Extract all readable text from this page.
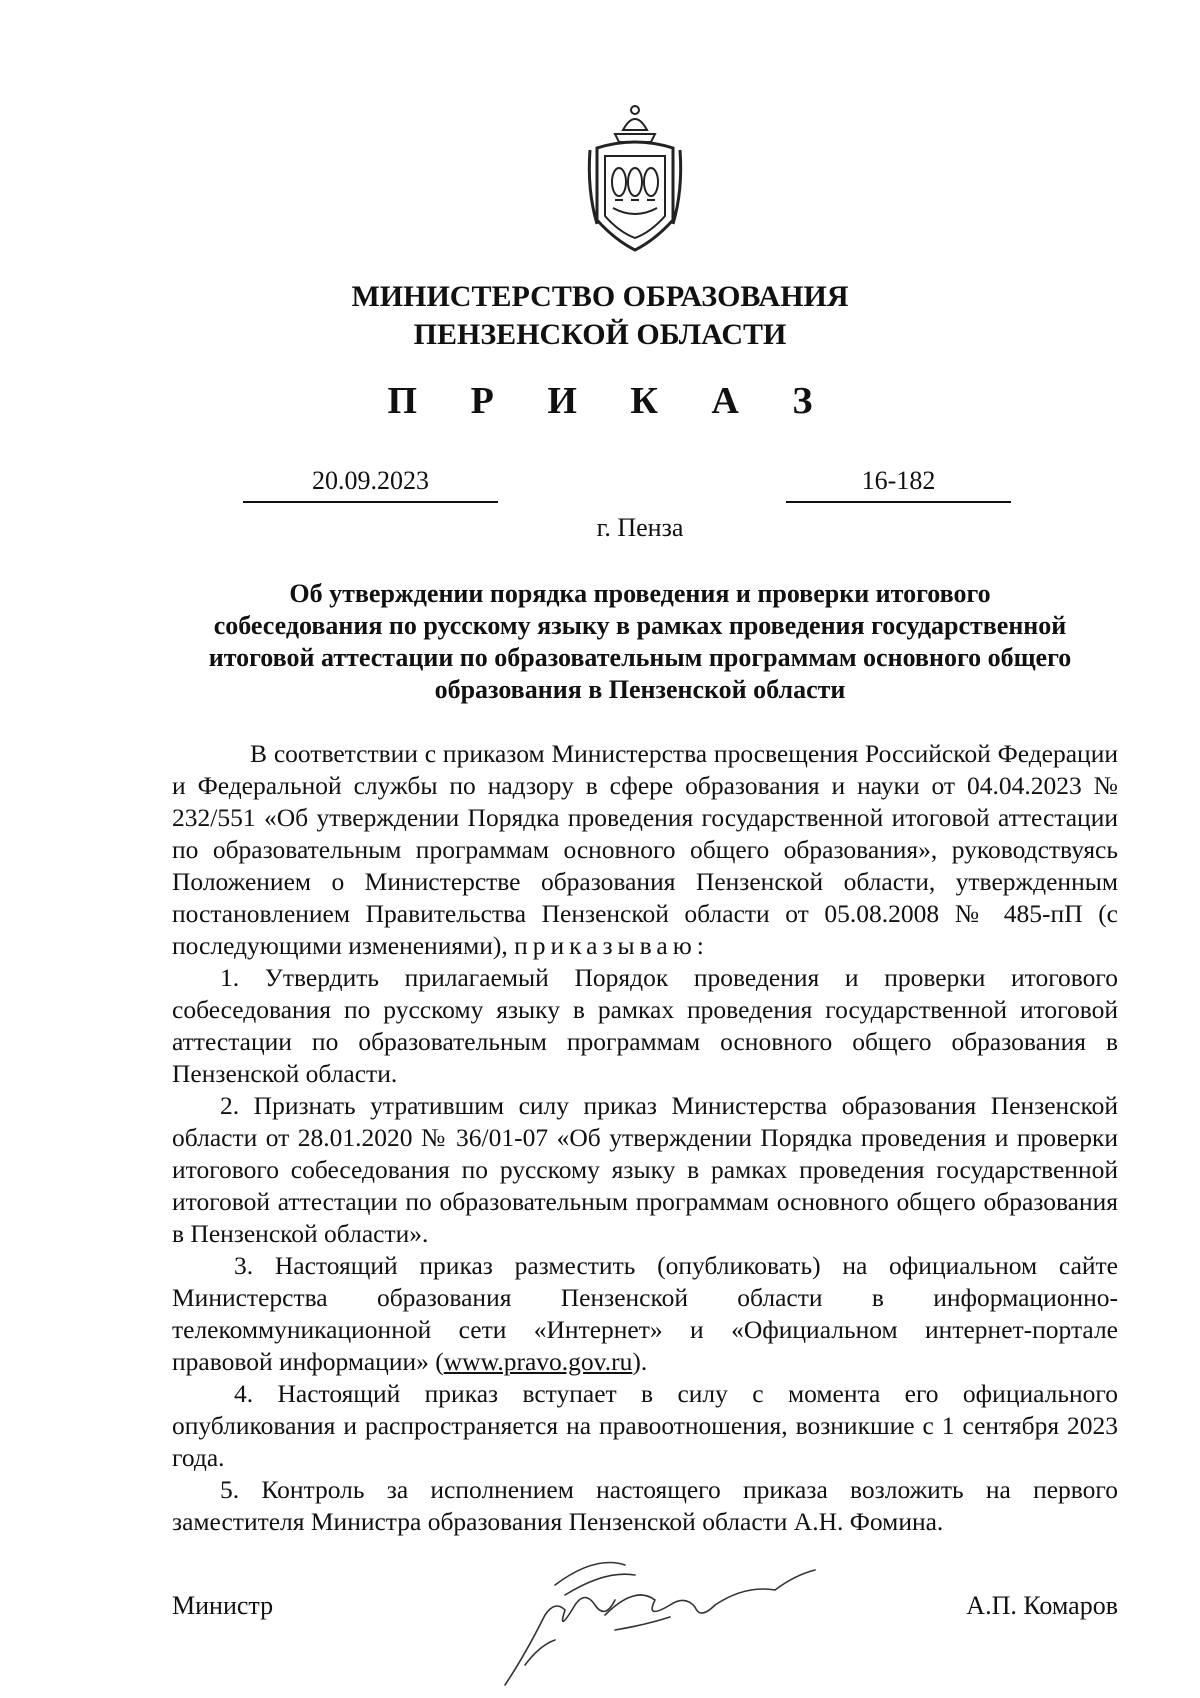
МИНИСТЕРСТВО ОБРАЗОВАНИЯ
ПЕНЗЕНСКОЙ ОБЛАСТИ
П Р И К А З
20.09.2023	16-182
г. Пенза
Об утверждении порядка проведения и проверки итогового
собеседования по русскому языку в рамках проведения государственной
итоговой аттестации по образовательным программам основного общего
образования в Пензенской области

В соответствии с приказом Министерства просвещения Российской Федерации и Федеральной службы по надзору в сфере образования и науки от 04.04.2023 № 232/551 «Об утверждении Порядка проведения государственной итоговой аттестации по образовательным программам основного общего образования», руководствуясь Положением о Министерстве образования Пензенской области, утвержденным постановлением Правительства Пензенской области от 05.08.2008 № 485-пП (с последующими изменениями), приказываю:

1. Утвердить прилагаемый Порядок проведения и проверки итогового собеседования по русскому языку в рамках проведения государственной итоговой аттестации по образовательным программам основного общего образования в Пензенской области.

2. Признать утратившим силу приказ Министерства образования Пензенской области от 28.01.2020 № 36/01-07 «Об утверждении Порядка проведения и проверки итогового собеседования по русскому языку в рамках проведения государственной итоговой аттестации по образовательным программам основного общего образования в Пензенской области».

3. Настоящий приказ разместить (опубликовать) на официальном сайте Министерства образования Пензенской области в информационно-телекоммуникационной сети «Интернет» и «Официальном интернет-портале правовой информации» (www.pravo.gov.ru).

4. Настоящий приказ вступает в силу с момента его официального опубликования и распространяется на правоотношения, возникшие с 1 сентября 2023 года.

5. Контроль за исполнением настоящего приказа возложить на первого заместителя Министра образования Пензенской области А.Н. Фомина.

Министр	А.П. Комаров
